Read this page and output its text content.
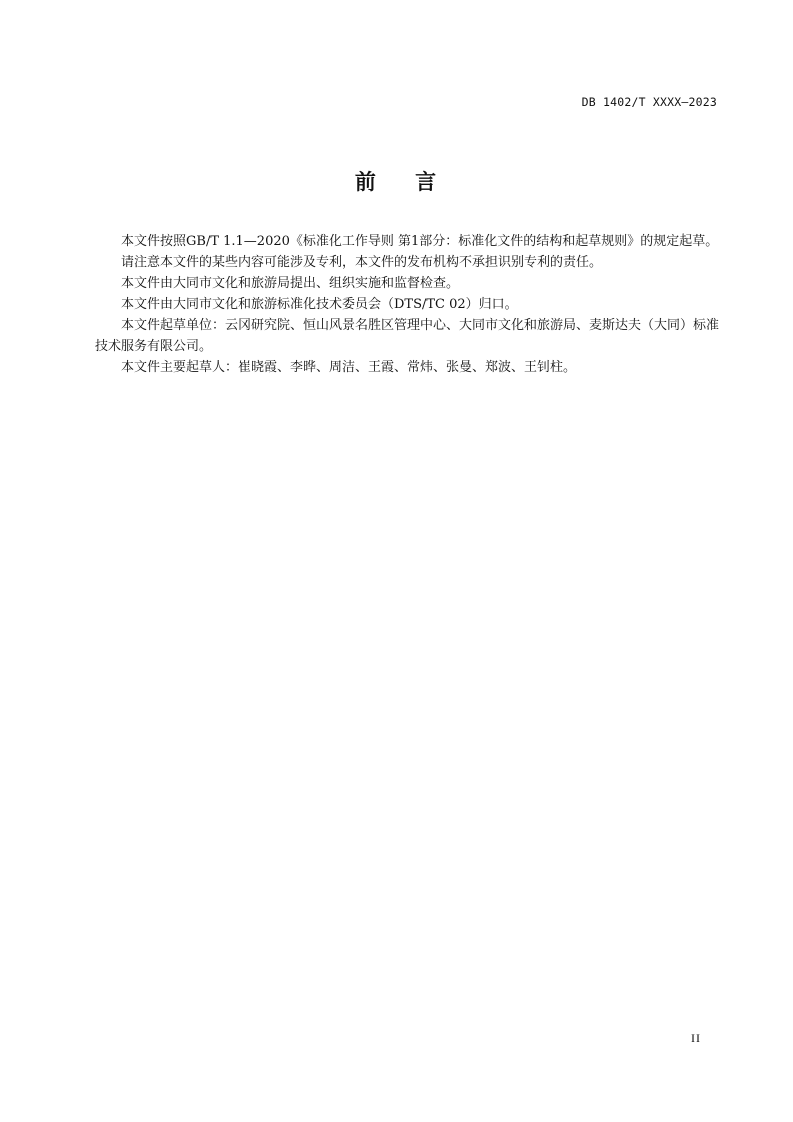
DB 1402/T XXXX—2023
前    言

本文件按照GB/T 1.1—2020《标准化工作导则 第1部分：标准化文件的结构和起草规则》的规定起草。

请注意本文件的某些内容可能涉及专利，本文件的发布机构不承担识别专利的责任。

本文件由大同市文化和旅游局提出、组织实施和监督检查。

本文件由大同市文化和旅游标准化技术委员会（DTS/TC 02）归口。

本文件起草单位：云冈研究院、恒山风景名胜区管理中心、大同市文化和旅游局、麦斯达夫（大同）标准技术服务有限公司。

本文件主要起草人：崔晓霞、李晔、周洁、王霞、常炜、张曼、郑波、王钊柱。

II
